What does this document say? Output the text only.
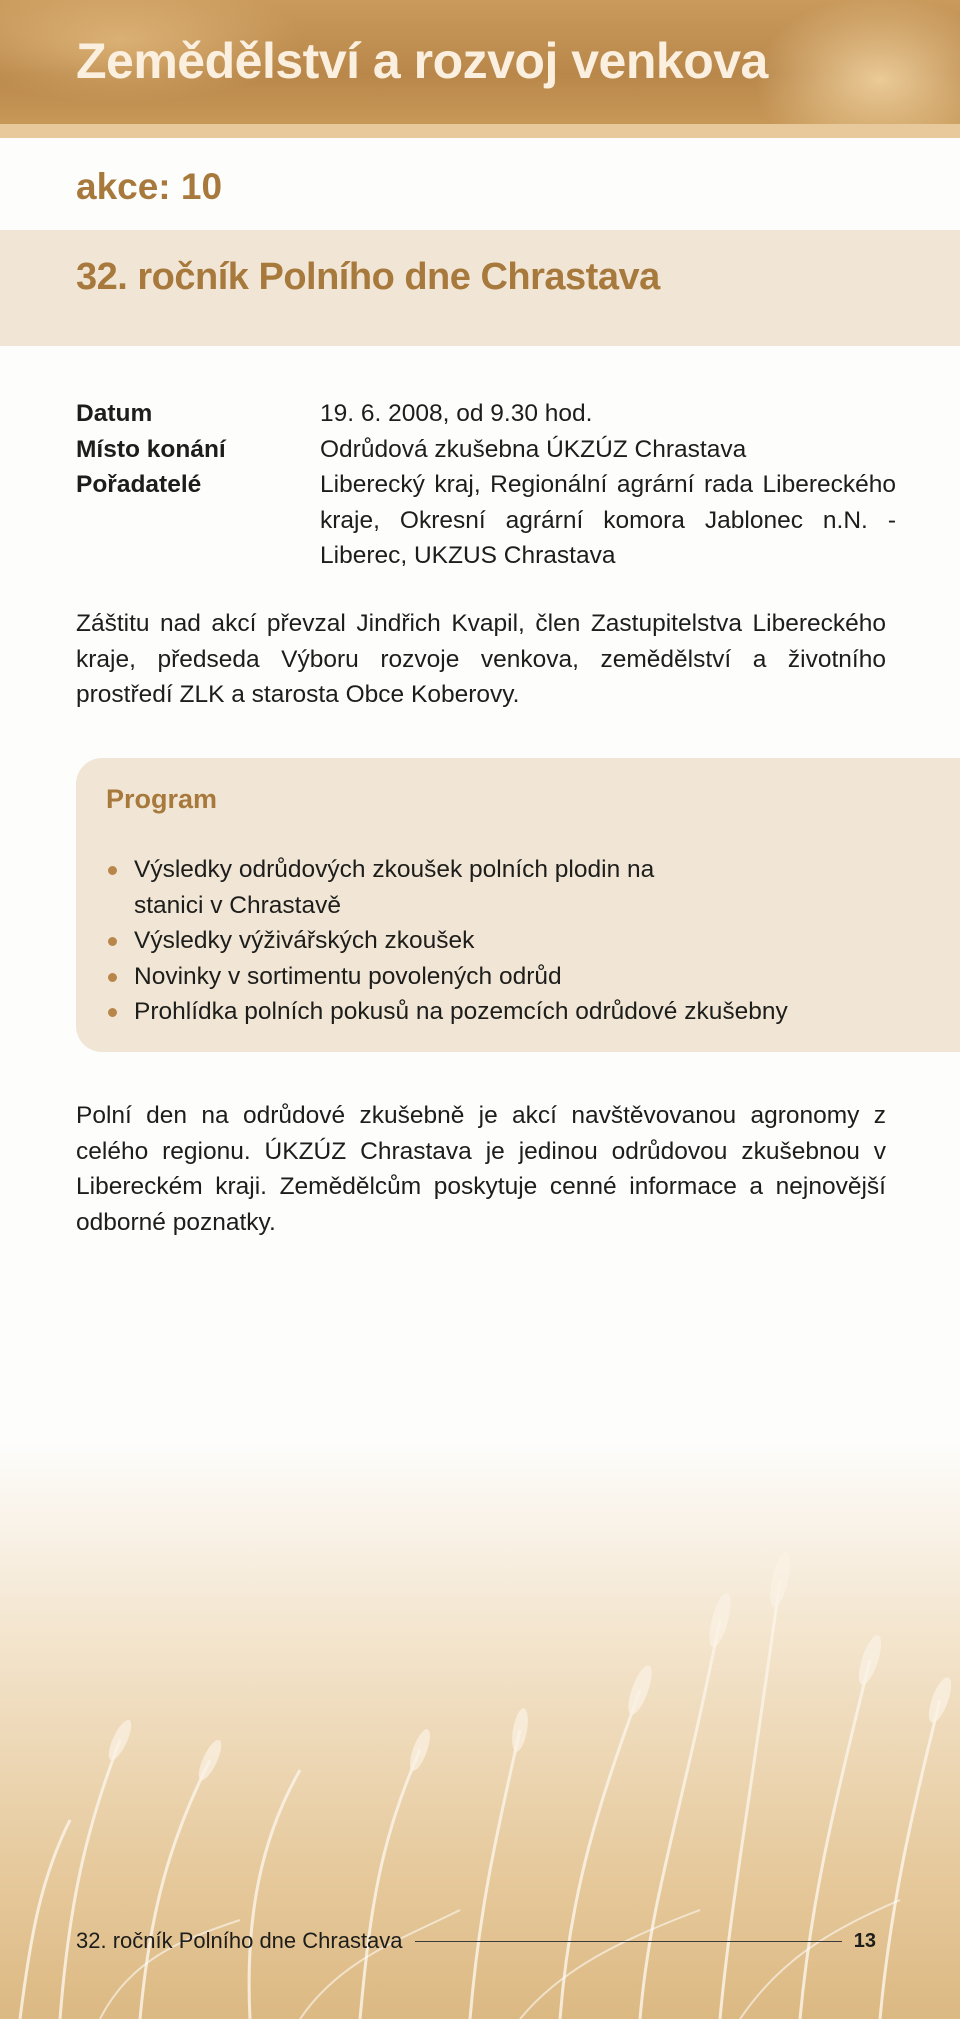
Zemědělství a rozvoj venkova
akce: 10
32. ročník Polního dne Chrastava
Datum	19. 6. 2008, od 9.30 hod.
Místo konání	Odrůdová zkušebna ÚKZÚZ Chrastava
Pořadatelé	Liberecký kraj, Regionální agrární rada Libereckého kraje, Okresní agrární komora Jablonec n.N. - Liberec, UKZUS Chrastava

Záštitu nad akcí převzal Jindřich Kvapil, člen Zastupitelstva Libereckého kraje, předseda Výboru rozvoje venkova, zemědělství a životního prostředí ZLK a starosta Obce Koberovy.

Program
Výsledky odrůdových zkoušek polních plodin na stanici v Chrastavě
Výsledky výživářských zkoušek
Novinky v sortimentu povolených odrůd
Prohlídka polních pokusů na pozemcích odrůdové zkušebny

Polní den na odrůdové zkušebně je akcí navštěvovanou agronomy z celého regionu. ÚKZÚZ Chrastava je jedinou odrůdovou zkušebnou v Libereckém kraji. Zemědělcům poskytuje cenné informace a nejnovější odborné poznatky.

32. ročník Polního dne Chrastava	13
